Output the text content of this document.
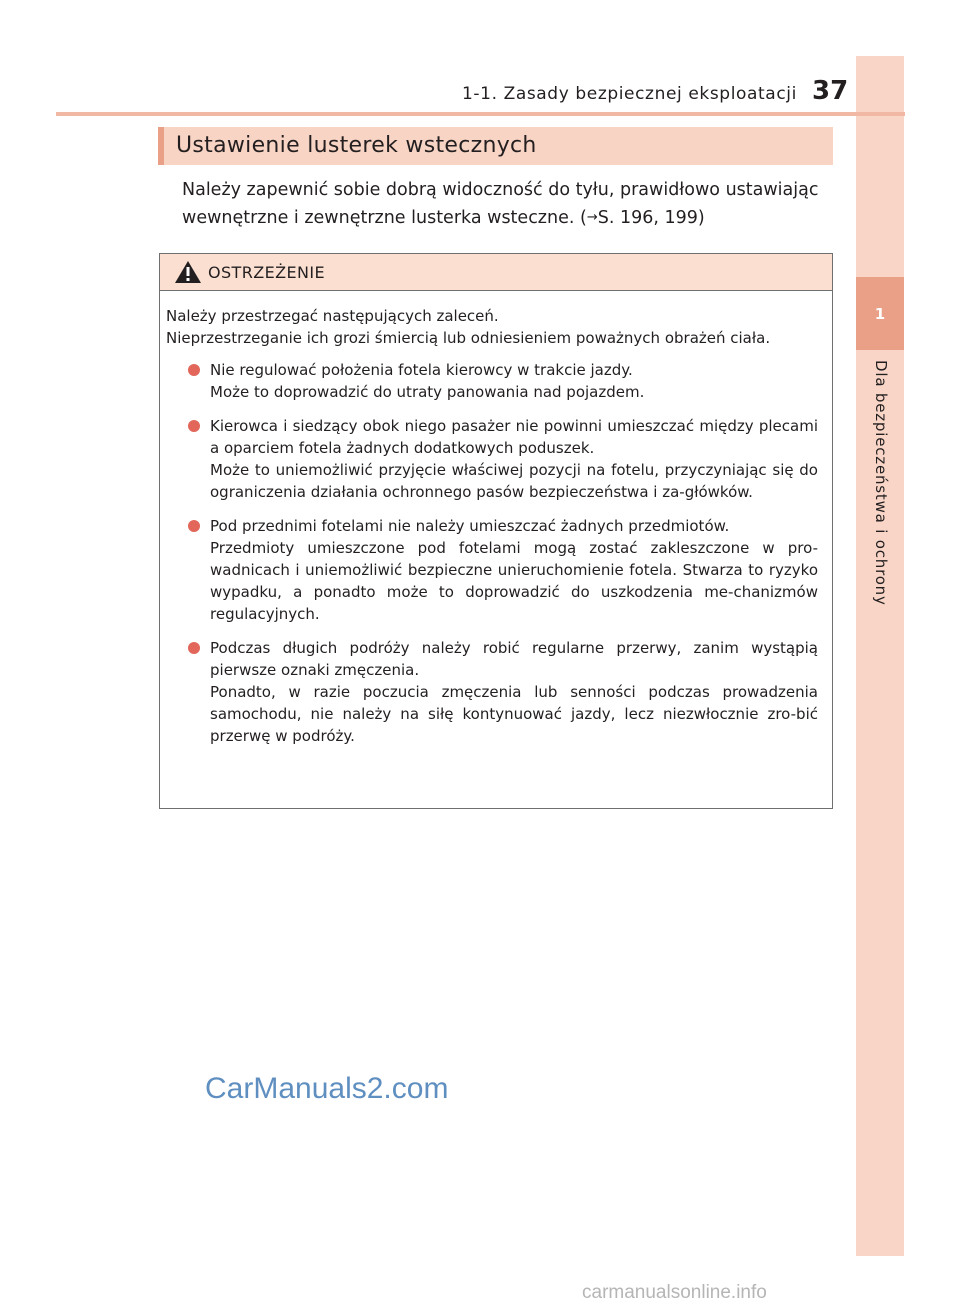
1
Dla bezpieczeństwa i ochrony
1-1. Zasady bezpiecznej eksploatacji 37
Ustawienie lusterek wstecznych
Należy zapewnić sobie dobrą widoczność do tyłu, prawidłowo ustawiając
wewnętrzne i zewnętrzne lusterka wsteczne. (→S. 196, 199)
OSTRZEŻENIE

Należy przestrzegać następujących zaleceń.

Nieprzestrzeganie ich grozi śmiercią lub odniesieniem poważnych obrażeń ciała.

Nie regulować położenia fotela kierowcy w trakcie jazdy.
Może to doprowadzić do utraty panowania nad pojazdem.
Kierowca i siedzący obok niego pasażer nie powinni umieszczać między plecami a oparciem fotela żadnych dodatkowych poduszek.
Może to uniemożliwić przyjęcie właściwej pozycji na fotelu, przyczyniając się do ograniczenia działania ochronnego pasów bezpieczeństwa i za-główków.
Pod przednimi fotelami nie należy umieszczać żadnych przedmiotów.
Przedmioty umieszczone pod fotelami mogą zostać zakleszczone w pro-wadnicach i uniemożliwić bezpieczne unieruchomienie fotela. Stwarza to ryzyko wypadku, a ponadto może to doprowadzić do uszkodzenia me-chanizmów regulacyjnych.
Podczas długich podróży należy robić regularne przerwy, zanim wystąpią pierwsze oznaki zmęczenia.
Ponadto, w razie poczucia zmęczenia lub senności podczas prowadzenia samochodu, nie należy na siłę kontynuować jazdy, lecz niezwłocznie zro-bić przerwę w podróży.
CarManuals2.com
carmanualsonline.info
